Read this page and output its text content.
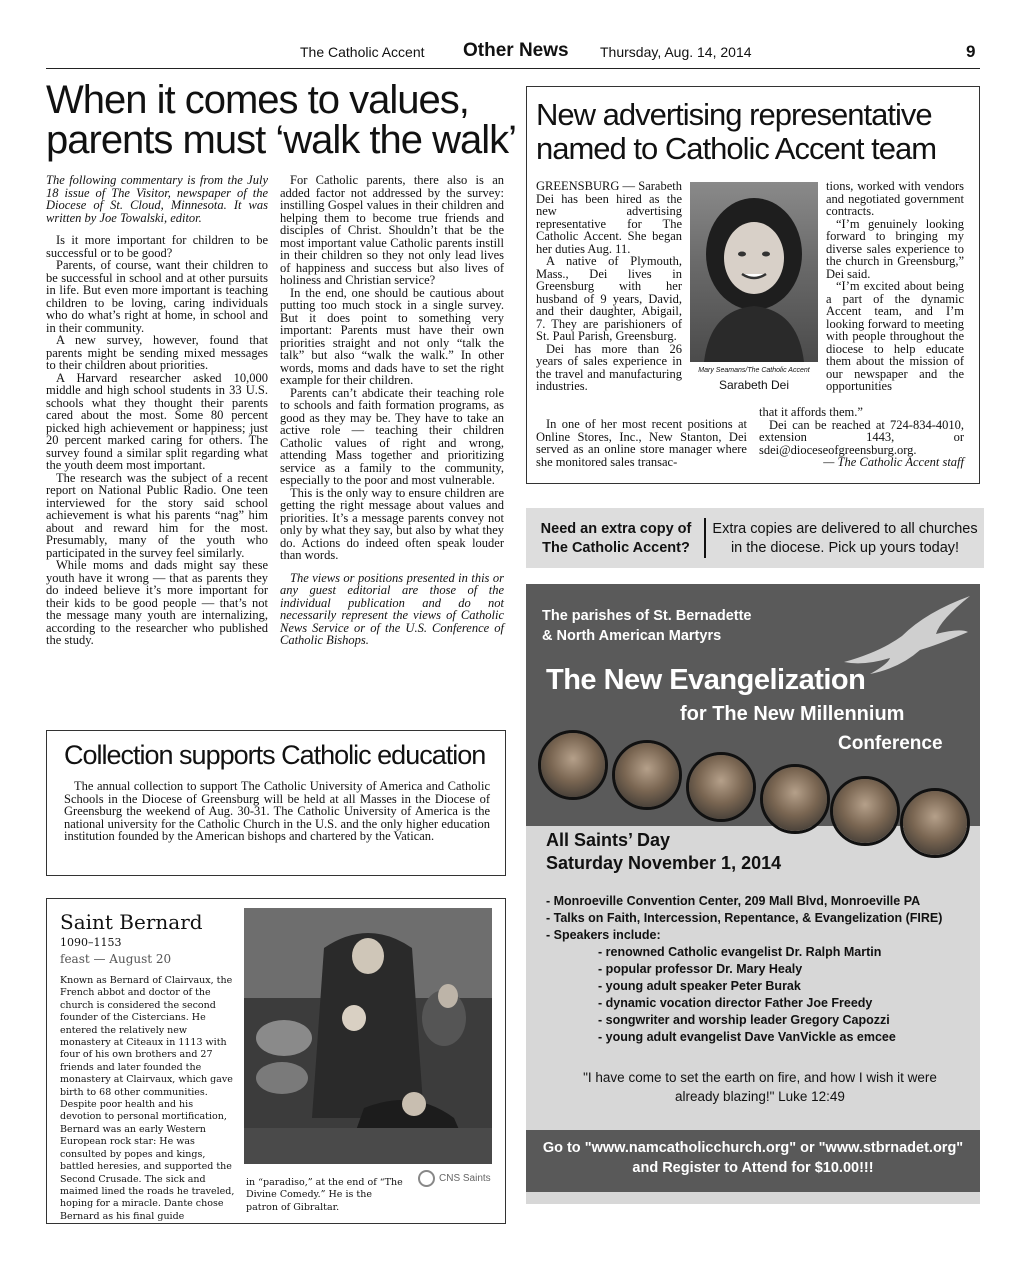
The Catholic Accent Other News Thursday, Aug. 14, 2014	9
When it comes to values,
parents must ‘walk the walk’

The following commentary is from the July 18 issue of The Visitor, newspaper of the Diocese of St. Cloud, Minnesota. It was written by Joe Towalski, editor.

Is it more important for children to be successful or to be good?

Parents, of course, want their children to be successful in school and at other pursuits in life. But even more important is teaching children to be loving, caring individuals who do what’s right at home, in school and in their community.

A new survey, however, found that parents might be sending mixed messages to their children about priorities.

A Harvard researcher asked 10,000 middle and high school students in 33 U.S. schools what they thought their parents cared about the most. Some 80 percent picked high achievement or happiness; just 20 percent marked caring for others. The survey found a similar split regarding what the youth deem most important.

The research was the subject of a recent report on National Public Radio. One teen interviewed for the story said school achievement is what his parents “nag” him about and reward him for the most. Presumably, many of the youth who participated in the survey feel similarly.

While moms and dads might say these youth have it wrong — that as parents they do indeed believe it’s more important for their kids to be good people — that’s not the message many youth are internalizing, according to the researcher who published the study.

For Catholic parents, there also is an added factor not addressed by the survey: instilling Gospel values in their children and helping them to become true friends and disciples of Christ. Shouldn’t that be the most important value Catholic parents instill in their children so they not only lead lives of happiness and success but also lives of holiness and Christian service?

In the end, one should be cautious about putting too much stock in a single survey. But it does point to something very important: Parents must have their own priorities straight and not only “talk the talk” but also “walk the walk.” In other words, moms and dads have to set the right example for their children.

Parents can’t abdicate their teaching role to schools and faith formation programs, as good as they may be. They have to take an active role — teaching their children Catholic values of right and wrong, attending Mass together and prioritizing service as a family to the community, especially to the poor and most vulnerable.

This is the only way to ensure children are getting the right message about values and priorities. It’s a message parents convey not only by what they say, but also by what they do. Actions do indeed often speak louder than words.

The views or positions presented in this or any guest editorial are those of the individual publication and do not necessarily represent the views of Catholic News Service or of the U.S. Conference of Catholic Bishops.

New advertising representative
named to Catholic Accent team

GREENSBURG — Sarabeth Dei has been hired as the new advertising representative for The Catholic Accent. She began her duties Aug. 11.

A native of Plymouth, Mass., Dei lives in Greensburg with her husband of 9 years, David, and their daughter, Abigail, 7. They are parishioners of St. Paul Parish, Greensburg.

Dei has more than 26 years of sales experience in the travel and manufacturing industries.

Mary Seamans/The Catholic Accent
Sarabeth Dei

tions, worked with vendors and negotiated government contracts.

“I’m genuinely looking forward to bringing my diverse sales experience to the church in Greensburg,” Dei said.

“I’m excited about being a part of the dynamic Accent team, and I’m looking forward to meeting with people throughout the diocese to help educate them about the mission of our newspaper and the opportunities

In one of her most recent positions at Online Stores, Inc., New Stanton, Dei served as an online store manager where she monitored sales transac-

that it affords them.”

Dei can be reached at 724-834-4010, extension 1443, or sdei@dioceseofgreensburg.org.

— The Catholic Accent staff

Need an extra copy of The Catholic Accent?
Extra copies are delivered to all churches in the diocese. Pick up yours today!
The parishes of St. Bernadette
& North American Martyrs
The New Evangelization
for The New Millennium
Conference
All Saints’ Day
Saturday November 1, 2014
- Monroeville Convention Center, 209 Mall Blvd, Monroeville PA
- Talks on Faith, Intercession, Repentance, & Evangelization (FIRE)
- Speakers include:
- renowned Catholic evangelist Dr. Ralph Martin
- popular professor Dr. Mary Healy
- young adult speaker Peter Burak
- dynamic vocation director Father Joe Freedy
- songwriter and worship leader Gregory Capozzi
- young adult evangelist Dave VanVickle as emcee
"I have come to set the earth on fire, and how I wish it were already blazing!" Luke 12:49
Go to "www.namcatholicchurch.org" or "www.stbrnadet.org"
and Register to Attend for $10.00!!!
Collection supports Catholic education

The annual collection to support The Catholic University of America and Catholic Schools in the Diocese of Greensburg will be held at all Masses in the Diocese of Greensburg the weekend of Aug. 30-31. The Catholic University of America is the national university for the Catholic Church in the U.S. and the only higher education institution founded by the American bishops and chartered by the Vatican.

Saint Bernard
1090–1153
feast — August 20
Known as Bernard of Clairvaux, the French abbot and doctor of the church is considered the second founder of the Cistercians. He entered the relatively new monastery at Citeaux in 1113 with four of his own brothers and 27 friends and later founded the monastery at Clairvaux, which gave birth to 68 other communities. Despite poor health and his devotion to personal mortification, Bernard was an early Western European rock star: He was consulted by popes and kings, battled heresies, and supported the Second Crusade. The sick and maimed lined the roads he traveled, hoping for a miracle. Dante chose Bernard as his final guide
in “paradiso,” at the end of “The Divine Comedy.” He is the patron of Gibraltar.
CNS Saints
